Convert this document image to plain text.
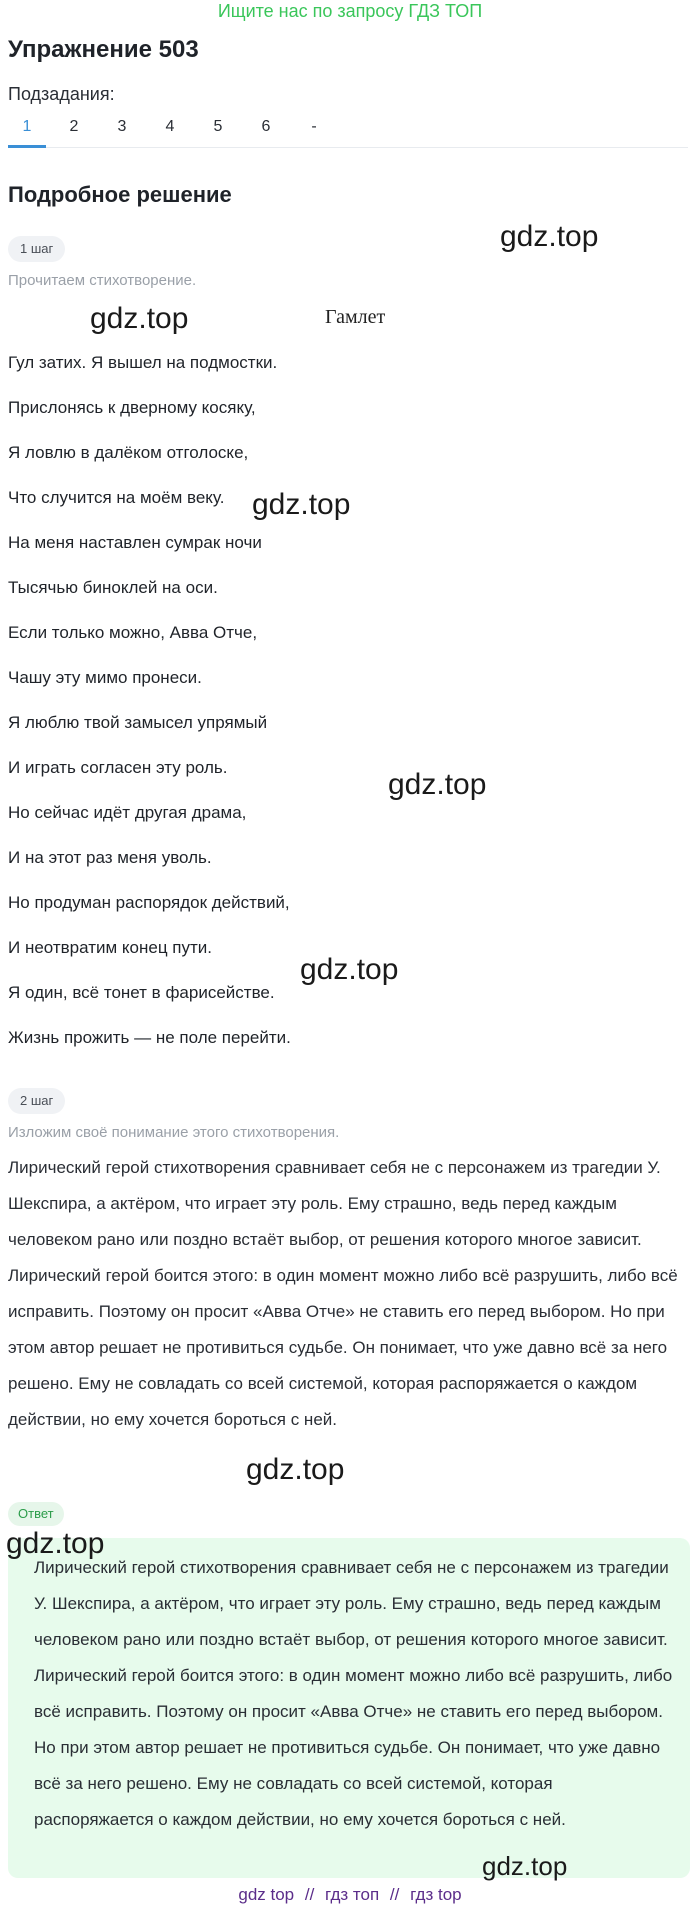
Ищите нас по запросу ГДЗ ТОП
Упражнение 503
Подзадания:
1	2	3	4	5	6	-
Подробное решение
1 шаг
Прочитаем стихотворение.
Гамлет
Гул затих. Я вышел на подмостки.
Прислонясь к дверному косяку,
Я ловлю в далёком отголоске,
Что случится на моём веку.
На меня наставлен сумрак ночи
Тысячью биноклей на оси.
Если только можно, Авва Отче,
Чашу эту мимо пронеси.
Я люблю твой замысел упрямый
И играть согласен эту роль.
Но сейчас идёт другая драма,
И на этот раз меня уволь.
Но продуман распорядок действий,
И неотвратим конец пути.
Я один, всё тонет в фарисействе.
Жизнь прожить — не поле перейти.
2 шаг
Изложим своё понимание этого стихотворения.
Лирический герой стихотворения сравнивает себя не с персонажем из трагедии У. Шекспира, а актёром, что играет эту роль. Ему страшно, ведь перед каждым человеком рано или поздно встаёт выбор, от решения которого многое зависит. Лирический герой боится этого: в один момент можно либо всё разрушить, либо всё исправить. Поэтому он просит «Авва Отче» не ставить его перед выбором. Но при этом автор решает не противиться судьбе. Он понимает, что уже давно всё за него решено. Ему не совладать со всей системой, которая распоряжается о каждом действии, но ему хочется бороться с ней.
Ответ
Лирический герой стихотворения сравнивает себя не с персонажем из трагедии У. Шекспира, а актёром, что играет эту роль. Ему страшно, ведь перед каждым человеком рано или поздно встаёт выбор, от решения которого многое зависит. Лирический герой боится этого: в один момент можно либо всё разрушить, либо всё исправить. Поэтому он просит «Авва Отче» не ставить его перед выбором. Но при этом автор решает не противиться судьбе. Он понимает, что уже давно всё за него решено. Ему не совладать со всей системой, которая распоряжается о каждом действии, но ему хочется бороться с ней.
gdz.top
gdz.top
gdz.top
gdz.top
gdz.top
gdz.top
gdz.top
gdz.top
gdz top // гдз топ // гдз top
